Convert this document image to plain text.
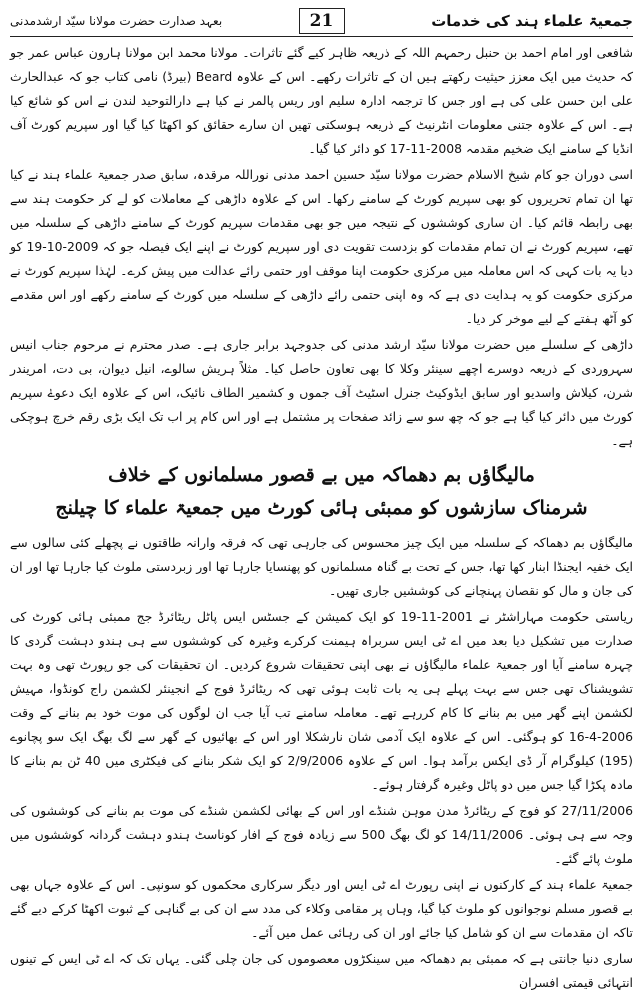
جمعیۃ علماء ہند کی خدمات
بعہد صدارت حضرت مولانا سیّد ارشدمدنی	21

شافعی اور امام احمد بن حنبل رحمہم اللہ کے ذریعہ ظاہر کیے گئے تاثرات۔ مولانا محمد ابن مولانا ہارون عباس عمر جو کہ حدیث میں ایک معزز حیثیت رکھتے ہیں ان کے تاثرات رکھے۔ اس کے علاوہ Beard (بیرڈ) نامی کتاب جو کہ عبدالحارث علی ابن حسن علی کی ہے اور جس کا ترجمہ ادارہ سلیم اور ریس پالمر نے کیا ہے دارالتوحید لندن نے اس کو شائع کیا ہے۔ اس کے علاوہ جتنی معلومات انٹرنیٹ کے ذریعہ ہوسکتی تھیں ان سارے حقائق کو اکھٹا کیا گیا اور سپریم کورٹ آف انڈیا کے سامنے ایک ضخیم مقدمہ 2008-11-17 کو دائر کیا گیا۔

اسی دوران جو کام شیخ الاسلام حضرت مولانا سیّد حسین احمد مدنی نوراللہ مرقدہ، سابق صدر جمعیۃ علماء ہند نے کیا تھا ان تمام تحریروں کو بھی سپریم کورٹ کے سامنے رکھا۔ اس کے علاوہ داڑھی کے معاملات کو لے کر حکومت ہند سے بھی رابطہ قائم کیا۔ ان ساری کوششوں کے نتیجہ میں جو بھی مقدمات سپریم کورٹ کے سامنے داڑھی کے سلسلہ میں تھے، سپریم کورٹ نے ان تمام مقدمات کو بزدست تقویت دی اور سپریم کورٹ نے اپنے ایک فیصلہ جو کہ 2009-10-19 کو دیا یہ بات کہی کہ اس معاملہ میں مرکزی حکومت اپنا موقف اور حتمی رائے عدالت میں پیش کرے۔ لہٰذا سپریم کورٹ نے مرکزی حکومت کو یہ ہدایت دی ہے کہ وہ اپنی حتمی رائے داڑھی کے سلسلہ میں کورٹ کے سامنے رکھے اور اس مقدمے کو آٹھ ہفتے کے لیے موخر کر دیا۔

داڑھی کے سلسلے میں حضرت مولانا سیّد ارشد مدنی کی جدوجہد برابر جاری ہے۔ صدر محترم نے مرحوم جناب انیس سہروردی کے ذریعہ دوسرے اچھے سینئر وکلا کا بھی تعاون حاصل کیا۔ مثلاً ہریش سالوے، انیل دیوان، بی دت، امریندر شرن، کیلاش واسدیو اور سابق ایڈوکیٹ جنرل اسٹیٹ آف جموں و کشمیر الطاف نائیک، اس کے علاوہ ایک دعوےٰ سپریم کورٹ میں دائر کیا گیا ہے جو کہ چھ سو سے زائد صفحات پر مشتمل ہے اور اس کام پر اب تک ایک بڑی رقم خرچ ہوچکی ہے۔

مالیگاؤں بم دھماکہ میں بے قصور مسلمانوں کے خلاف
شرمناک سازشوں کو ممبئی ہائی کورٹ میں جمعیۃ علماء کا چیلنج

مالیگاؤں بم دھماکہ کے سلسلہ میں ایک چیز محسوس کی جارہی تھی کہ فرقہ وارانہ طاقتوں نے پچھلے کئی سالوں سے ایک خفیہ ایجنڈا ابنار کھا تھا، جس کے تحت بے گناہ مسلمانوں کو پھنسایا جارہا تھا اور زبردستی ملوث کیا جارہا تھا اور ان کی جان و مال کو نقصان پہنچانے کی کوششیں جاری تھیں۔

ریاستی حکومت مہاراشٹر نے 2001-11-19 کو ایک کمیشن کے جسٹس ایس پاٹل ریٹائرڈ جج ممبئی ہائی کورٹ کی صدارت میں تشکیل دیا بعد میں اے ٹی ایس سربراہ ہیمنت کرکرے وغیرہ کی کوششوں سے ہی ہندو دہشت گردی کا چہرہ سامنے آیا اور جمعیۃ علماء مالیگاؤں نے بھی اپنی تحقیقات شروع کردیں۔ ان تحقیقات کی جو رپورٹ تھی وہ بہت تشویشناک تھی جس سے بہت پہلے ہی یہ بات ثابت ہوئی تھی کہ ریٹائرڈ فوج کے انجینئر لکشمن راج کونڈوا، مہیش لکشمن اپنے گھر میں بم بنانے کا کام کررہے تھے۔ معاملہ سامنے تب آیا جب ان لوگوں کی موت خود بم بنانے کے وقت 2006-4-16 کو ہوگئی۔ اس کے علاوہ ایک آدمی شان نارشکلا اور اس کے بھائیوں کے گھر سے لگ بھگ ایک سو پچانوے (195) کیلوگرام آر ڈی ایکس برآمد ہوا۔ اس کے علاوہ 2/9/2006 کو ایک شکر بنانے کی فیکٹری میں 40 ٹن بم بنانے کا مادہ پکڑا گیا جس میں دو پاٹل وغیرہ گرفتار ہوئے۔

27/11/2006 کو فوج کے ریٹائرڈ مدن موہن شنڈے اور اس کے بھائی لکشمن شنڈے کی موت بم بنانے کی کوششوں کی وجہ سے ہی ہوئی۔ 14/11/2006 کو لگ بھگ 500 سے زیادہ فوج کے افار کوناسٹ ہندو دہشت گردانہ کوششوں میں ملوث پائے گئے۔

جمعیۃ علماء ہند کے کارکنوں نے اپنی رپورٹ اے ٹی ایس اور دیگر سرکاری محکموں کو سونپی۔ اس کے علاوہ جہاں بھی بے قصور مسلم نوجوانوں کو ملوث کیا گیا، وہاں پر مقامی وکلاء کی مدد سے ان کی بے گناہی کے ثبوت اکھٹا کرکے دیے گئے تاکہ ان مقدمات سے ان کو شامل کیا جائے اور ان کی رہائی عمل میں آئے۔

ساری دنیا جانتی ہے کہ ممبئی بم دھماکہ میں سینکڑوں معصوموں کی جان چلی گئی۔ یہاں تک کہ اے ٹی ایس کے تینوں انتہائی قیمتی افسران
